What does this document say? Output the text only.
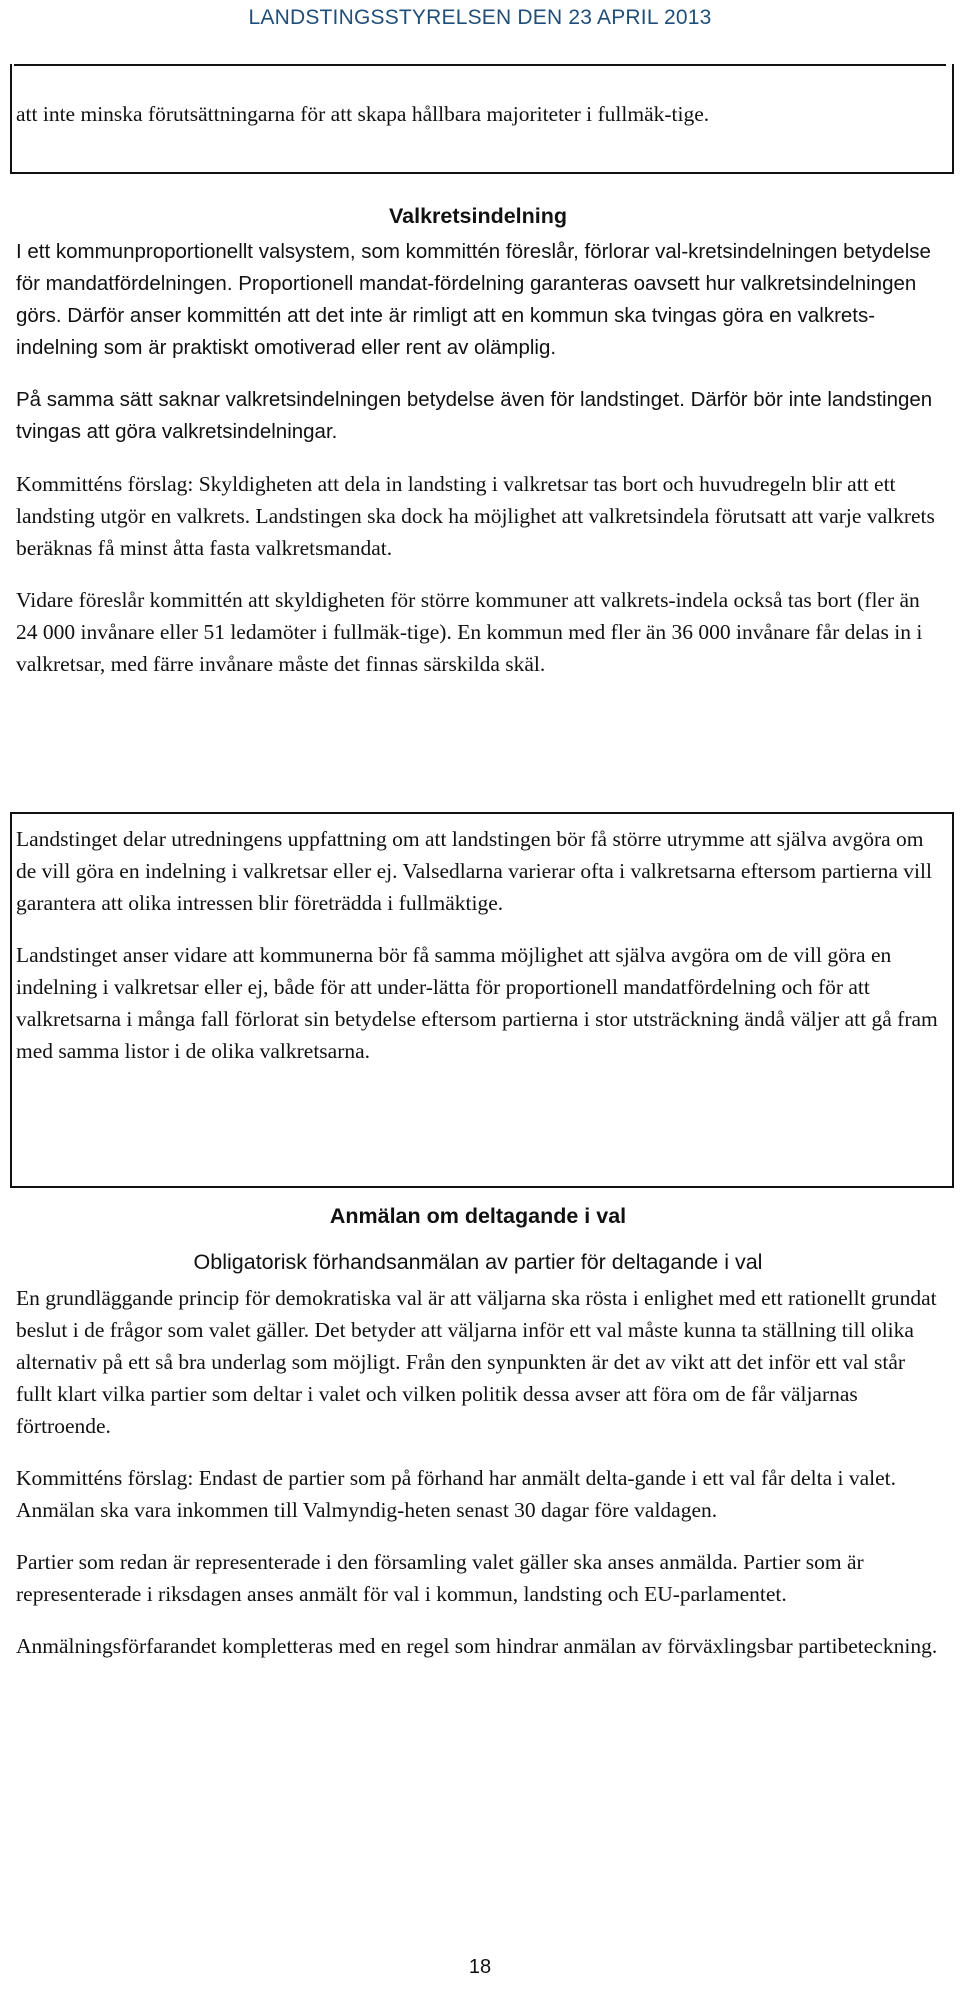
LANDSTINGSSTYRELSEN DEN 23 APRIL 2013

att inte minska förutsättningarna för att skapa hållbara majoriteter i fullmäk-tige.

Valkretsindelning

I ett kommunproportionellt valsystem, som kommittén föreslår, förlorar val-kretsindelningen betydelse för mandatfördelningen. Proportionell mandat-fördelning garanteras oavsett hur valkretsindelningen görs. Därför anser kommittén att det inte är rimligt att en kommun ska tvingas göra en valkrets-indelning som är praktiskt omotiverad eller rent av olämplig.

På samma sätt saknar valkretsindelningen betydelse även för landstinget. Därför bör inte landstingen tvingas att göra valkretsindelningar.

Kommitténs förslag: Skyldigheten att dela in landsting i valkretsar tas bort och huvudregeln blir att ett landsting utgör en valkrets. Landstingen ska dock ha möjlighet att valkretsindela förutsatt att varje valkrets beräknas få minst åtta fasta valkretsmandat.

Vidare föreslår kommittén att skyldigheten för större kommuner att valkrets-indela också tas bort (fler än 24 000 invånare eller 51 ledamöter i fullmäk-tige). En kommun med fler än 36 000 invånare får delas in i valkretsar, med färre invånare måste det finnas särskilda skäl.

Landstinget delar utredningens uppfattning om att landstingen bör få större utrymme att själva avgöra om de vill göra en indelning i valkretsar eller ej. Valsedlarna varierar ofta i valkretsarna eftersom partierna vill garantera att olika intressen blir företrädda i fullmäktige.

Landstinget anser vidare att kommunerna bör få samma möjlighet att själva avgöra om de vill göra en indelning i valkretsar eller ej, både för att under-lätta för proportionell mandatfördelning och för att valkretsarna i många fall förlorat sin betydelse eftersom partierna i stor utsträckning ändå väljer att gå fram med samma listor i de olika valkretsarna.

Anmälan om deltagande i val

Obligatorisk förhandsanmälan av partier för deltagande i val

En grundläggande princip för demokratiska val är att väljarna ska rösta i enlighet med ett rationellt grundat beslut i de frågor som valet gäller. Det betyder att väljarna inför ett val måste kunna ta ställning till olika alternativ på ett så bra underlag som möjligt. Från den synpunkten är det av vikt att det inför ett val står fullt klart vilka partier som deltar i valet och vilken politik dessa avser att föra om de får väljarnas förtroende.

Kommitténs förslag: Endast de partier som på förhand har anmält delta-gande i ett val får delta i valet. Anmälan ska vara inkommen till Valmyndig-heten senast 30 dagar före valdagen.

Partier som redan är representerade i den församling valet gäller ska anses anmälda. Partier som är representerade i riksdagen anses anmält för val i kommun, landsting och EU-parlamentet.

Anmälningsförfarandet kompletteras med en regel som hindrar anmälan av förväxlingsbar partibeteckning.

18
